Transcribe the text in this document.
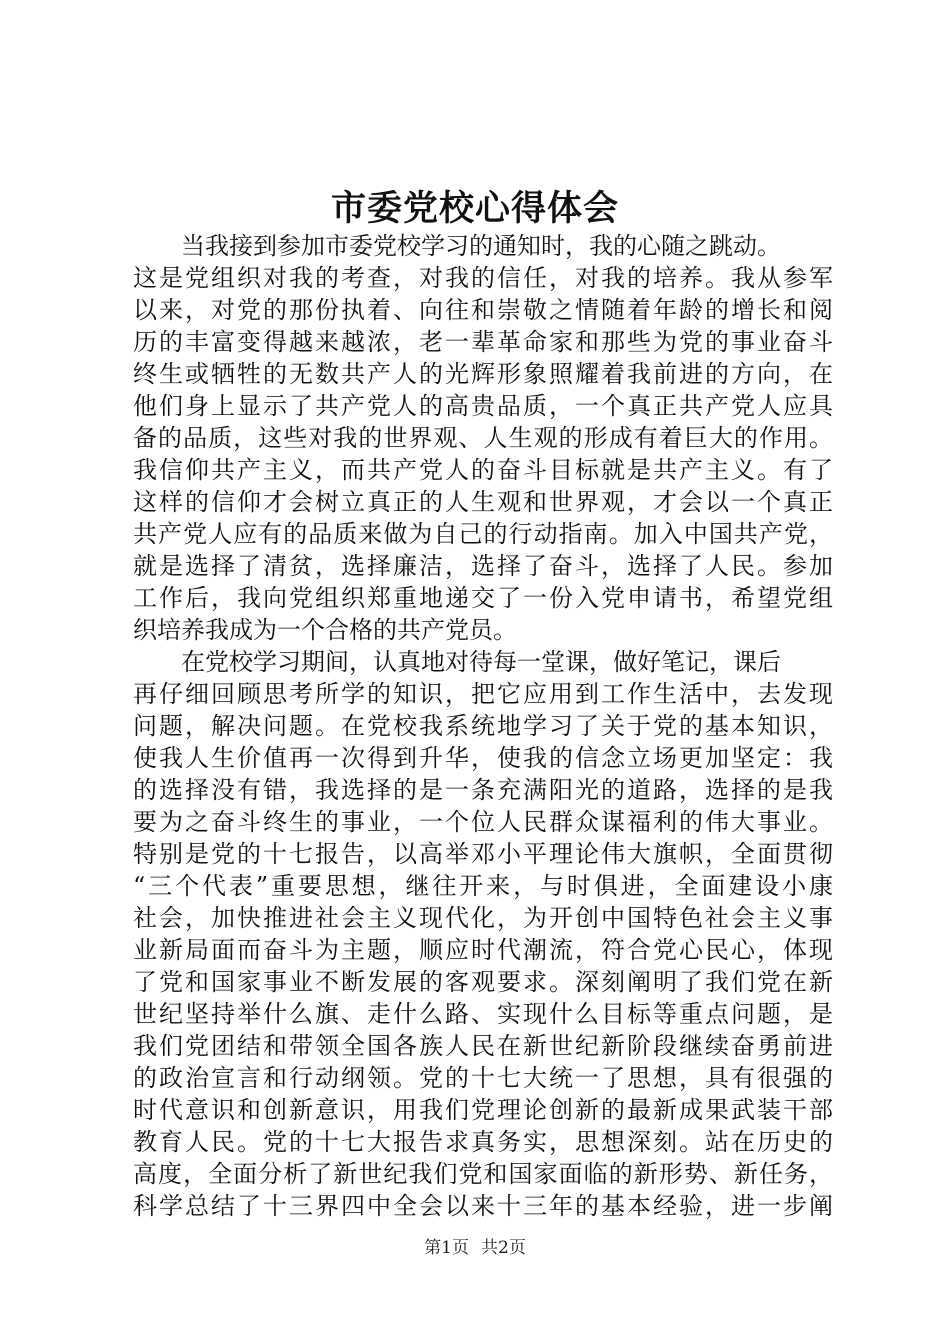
市委党校心得体会
当我接到参加市委党校学习的通知时，我的心随之跳动。
这是党组织对我的考查，对我的信任，对我的培养。我从参军
以来，对党的那份执着、向往和崇敬之情随着年龄的增长和阅
历的丰富变得越来越浓，老一辈革命家和那些为党的事业奋斗
终生或牺牲的无数共产人的光辉形象照耀着我前进的方向，在
他们身上显示了共产党人的高贵品质，一个真正共产党人应具
备的品质，这些对我的世界观、人生观的形成有着巨大的作用。
我信仰共产主义，而共产党人的奋斗目标就是共产主义。有了
这样的信仰才会树立真正的人生观和世界观，才会以一个真正
共产党人应有的品质来做为自己的行动指南。加入中国共产党，
就是选择了清贫，选择廉洁，选择了奋斗，选择了人民。参加
工作后，我向党组织郑重地递交了一份入党申请书，希望党组
织培养我成为一个合格的共产党员。
在党校学习期间，认真地对待每一堂课，做好笔记，课后
再仔细回顾思考所学的知识，把它应用到工作生活中，去发现
问题，解决问题。在党校我系统地学习了关于党的基本知识，
使我人生价值再一次得到升华，使我的信念立场更加坚定：我
的选择没有错，我选择的是一条充满阳光的道路，选择的是我
要为之奋斗终生的事业，一个位人民群众谋福利的伟大事业。
特别是党的十七报告，以高举邓小平理论伟大旗帜，全面贯彻
“三个代表”重要思想，继往开来，与时俱进，全面建设小康
社会，加快推进社会主义现代化，为开创中国特色社会主义事
业新局面而奋斗为主题，顺应时代潮流，符合党心民心，体现
了党和国家事业不断发展的客观要求。深刻阐明了我们党在新
世纪坚持举什么旗、走什么路、实现什么目标等重点问题，是
我们党团结和带领全国各族人民在新世纪新阶段继续奋勇前进
的政治宣言和行动纲领。党的十七大统一了思想，具有很强的
时代意识和创新意识，用我们党理论创新的最新成果武装干部
教育人民。党的十七大报告求真务实，思想深刻。站在历史的
高度，全面分析了新世纪我们党和国家面临的新形势、新任务，
科学总结了十三界四中全会以来十三年的基本经验，进一步阐
第1页 共2页
